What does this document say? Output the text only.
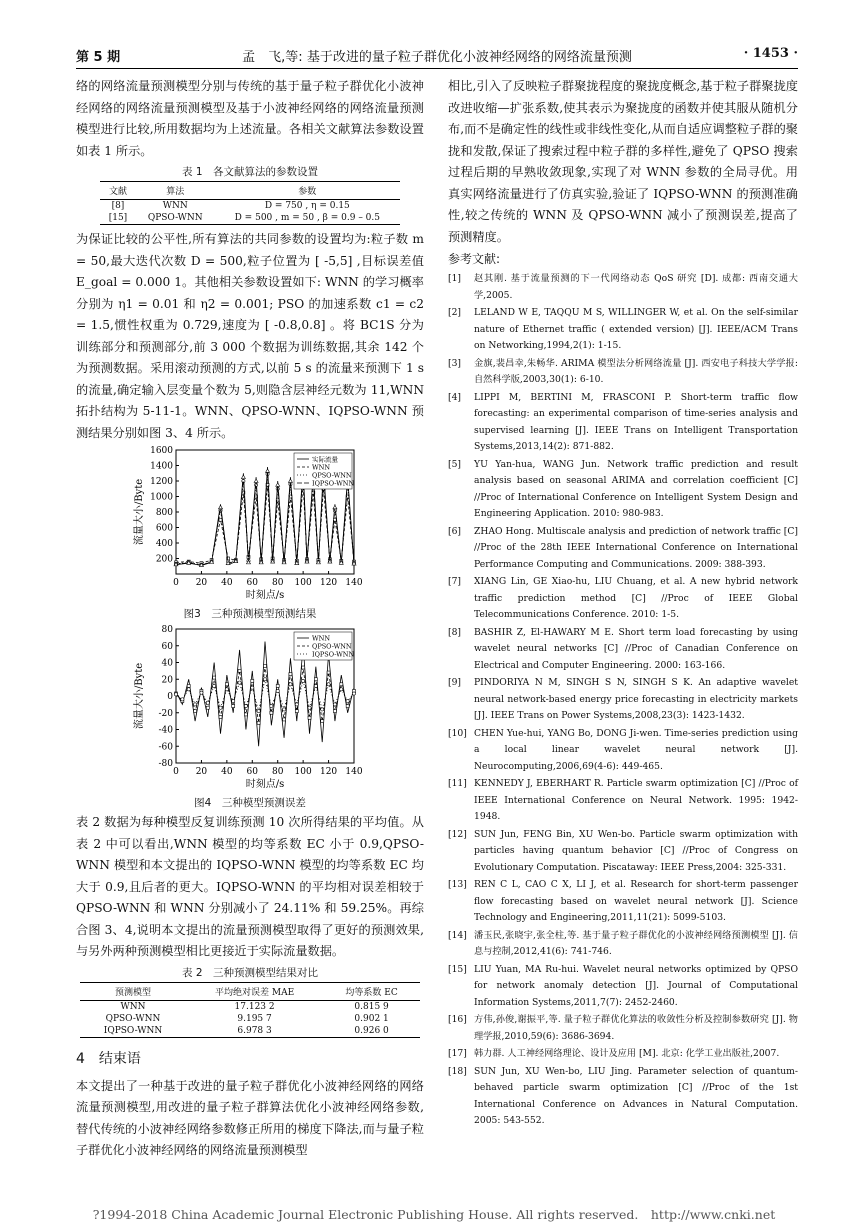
第 5 期	孟　飞,等: 基于改进的量子粒子群优化小波神经网络的网络流量预测	· 1453 ·

络的网络流量预测模型分别与传统的基于量子粒子群优化小波神经网络的网络流量预测模型及基于小波神经网络的网络流量预测模型进行比较,所用数据均为上述流量。各相关文献算法参数设置如表 1 所示。

表 1　各文献算法的参数设置
文献	算法	参数
[8]	WNN	D = 750 , η = 0.15
[15]	QPSO-WNN	D = 500 , m = 50 , β = 0.9 – 0.5

为保证比较的公平性,所有算法的共同参数的设置均为:粒子数 m = 50,最大迭代次数 D = 500,粒子位置为 [ -5,5] ,目标误差值 E_goal = 0.000 1。其他相关参数设置如下: WNN 的学习概率分别为 η1 = 0.01 和 η2 = 0.001; PSO 的加速系数 c1 = c2 = 1.5,惯性权重为 0.729,速度为 [ -0.8,0.8] 。将 BC1S 分为训练部分和预测部分,前 3 000 个数据为训练数据,其余 142 个为预测数据。采用滚动预测的方式,以前 5 s 的流量来预测下 1 s 的流量,确定输入层变量个数为 5,则隐含层神经元数为 11,WNN 拓扑结构为 5-11-1。WNN、QPSO-WNN、IQPSO-WNN 预测结果分别如图 3、4 所示。

0 20 40 60 80 100 120 140
200
400
600
800
1000
1200
1400
1600
时刻点/s
流量大小/Byte
实际流量
WNN
QPSO-WNN
IQPSO-WNN
图3　三种预测模型预测结果
0 20 40 60 80 100 120 140
-80
-60
-40
-20
0
20
40
60
80
时刻点/s
流量大小/Byte
WNN
QPSO-WNN
IQPSO-WNN
图4　三种模型预测误差

表 2 数据为每种模型反复训练预测 10 次所得结果的平均值。从表 2 中可以看出,WNN 模型的均等系数 EC 小于 0.9,QPSO-WNN 模型和本文提出的 IQPSO-WNN 模型的均等系数 EC 均大于 0.9,且后者的更大。IQPSO-WNN 的平均相对误差相较于 QPSO-WNN 和 WNN 分别减小了 24.11% 和 59.25%。再综合图 3、4,说明本文提出的流量预测模型取得了更好的预测效果,与另外两种预测模型相比更接近于实际流量数据。

表 2　三种预测模型结果对比
预测模型	平均绝对误差 MAE	均等系数 EC
WNN	17.123 2	0.815 9
QPSO-WNN	9.195 7	0.902 1
IQPSO-WNN	6.978 3	0.926 0
4　结束语

本文提出了一种基于改进的量子粒子群优化小波神经网络的网络流量预测模型,用改进的量子粒子群算法优化小波神经网络参数,替代传统的小波神经网络参数修正所用的梯度下降法,而与量子粒子群优化小波神经网络的网络流量预测模型

相比,引入了反映粒子群聚拢程度的聚拢度概念,基于粒子群聚拢度改进收缩—扩张系数,使其表示为聚拢度的函数并使其服从随机分布,而不是确定性的线性或非线性变化,从而自适应调整粒子群的聚拢和发散,保证了搜索过程中粒子群的多样性,避免了 QPSO 搜索过程后期的早熟收敛现象,实现了对 WNN 参数的全局寻优。用真实网络流量进行了仿真实验,验证了 IQPSO-WNN 的预测准确性,较之传统的 WNN 及 QPSO-WNN 减小了预测误差,提高了预测精度。

参考文献:
[1]	赵其刚. 基于流量预测的下一代网络动态 QoS 研究 [D]. 成都: 西南交通大学,2005.
[2]	LELAND W E, TAQQU M S, WILLINGER W, et al. On the self-similar nature of Ethernet traffic ( extended version) [J]. IEEE/ACM Trans on Networking,1994,2(1): 1-15.
[3]	金旗,裴昌幸,朱畅华. ARIMA 模型法分析网络流量 [J]. 西安电子科技大学学报: 自然科学版,2003,30(1): 6-10.
[4]	LIPPI M, BERTINI M, FRASCONI P. Short-term traffic flow forecasting: an experimental comparison of time-series analysis and supervised learning [J]. IEEE Trans on Intelligent Transportation Systems,2013,14(2): 871-882.
[5]	YU Yan-hua, WANG Jun. Network traffic prediction and result analysis based on seasonal ARIMA and correlation coefficient [C] //Proc of International Conference on Intelligent System Design and Engineering Application. 2010: 980-983.
[6]	ZHAO Hong. Multiscale analysis and prediction of network traffic [C] //Proc of the 28th IEEE International Conference on International Performance Computing and Communications. 2009: 388-393.
[7]	XIANG Lin, GE Xiao-hu, LIU Chuang, et al. A new hybrid network traffic prediction method [C] //Proc of IEEE Global Telecommunications Conference. 2010: 1-5.
[8]	BASHIR Z, El-HAWARY M E. Short term load forecasting by using wavelet neural networks [C] //Proc of Canadian Conference on Electrical and Computer Engineering. 2000: 163-166.
[9]	PINDORIYA N M, SINGH S N, SINGH S K. An adaptive wavelet neural network-based energy price forecasting in electricity markets [J]. IEEE Trans on Power Systems,2008,23(3): 1423-1432.
[10] CHEN Yue-hui, YANG Bo, DONG Ji-wen. Time-series prediction using a local linear wavelet neural network [J]. Neurocomputing,2006,69(4-6): 449-465.
[11] KENNEDY J, EBERHART R. Particle swarm optimization [C] //Proc of IEEE International Conference on Neural Network. 1995: 1942-1948.
[12] SUN Jun, FENG Bin, XU Wen-bo. Particle swarm optimization with particles having quantum behavior [C] //Proc of Congress on Evolutionary Computation. Piscataway: IEEE Press,2004: 325-331.
[13] REN C L, CAO C X, LI J, et al. Research for short-term passenger flow forecasting based on wavelet neural network [J]. Science Technology and Engineering,2011,11(21): 5099-5103.
[14] 潘玉民,张晓宇,张全柱,等. 基于量子粒子群优化的小波神经网络预测模型 [J]. 信息与控制,2012,41(6): 741-746.
[15] LIU Yuan, MA Ru-hui. Wavelet neural networks optimized by QPSO for network anomaly detection [J]. Journal of Computational Information Systems,2011,7(7): 2452-2460.
[16] 方伟,孙俊,谢振平,等. 量子粒子群优化算法的收敛性分析及控制参数研究 [J]. 物理学报,2010,59(6): 3686-3694.
[17] 韩力群. 人工神经网络理论、设计及应用 [M]. 北京: 化学工业出版社,2007.
[18] SUN Jun, XU Wen-bo, LIU Jing. Parameter selection of quantum-behaved particle swarm optimization [C] //Proc of the 1st International Conference on Advances in Natural Computation. 2005: 543-552.
?1994-2018 China Academic Journal Electronic Publishing House. All rights reserved.　http://www.cnki.net
